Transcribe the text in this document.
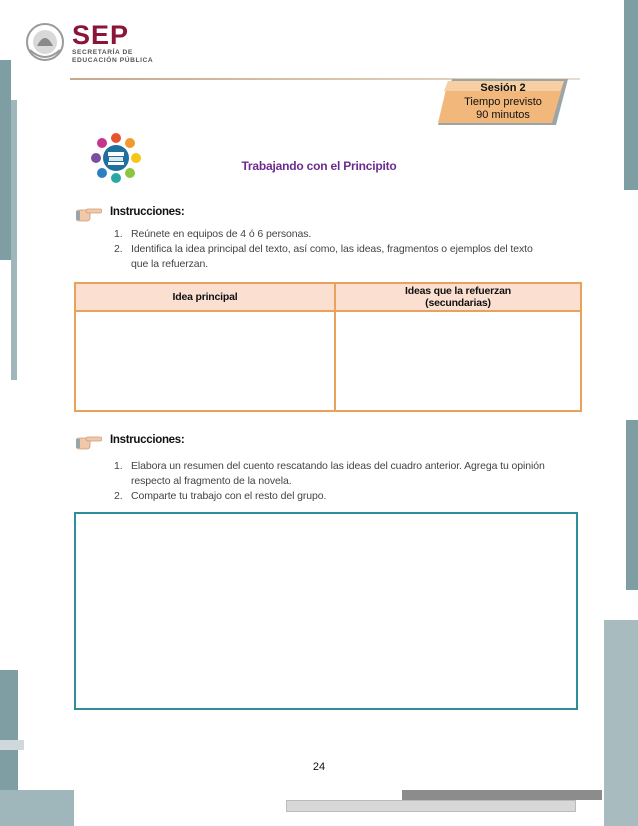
SEP
SECRETARÍA DE
EDUCACIÓN PÚBLICA
Sesión 2
Tiempo previsto
90 minutos
Trabajando con el Principito
Instrucciones:
1. Reúnete en equipos de 4 ó 6 personas.
2. Identifica la idea principal del texto, así como, las ideas, fragmentos o ejemplos del texto
que la refuerzan.
Idea principal	Ideas que la refuerzan
(secundarias)

Instrucciones:
1. Elabora un resumen del cuento rescatando las ideas del cuadro anterior. Agrega tu opinión
respecto al fragmento de la novela.
2. Comparte tu trabajo con el resto del grupo.
24
